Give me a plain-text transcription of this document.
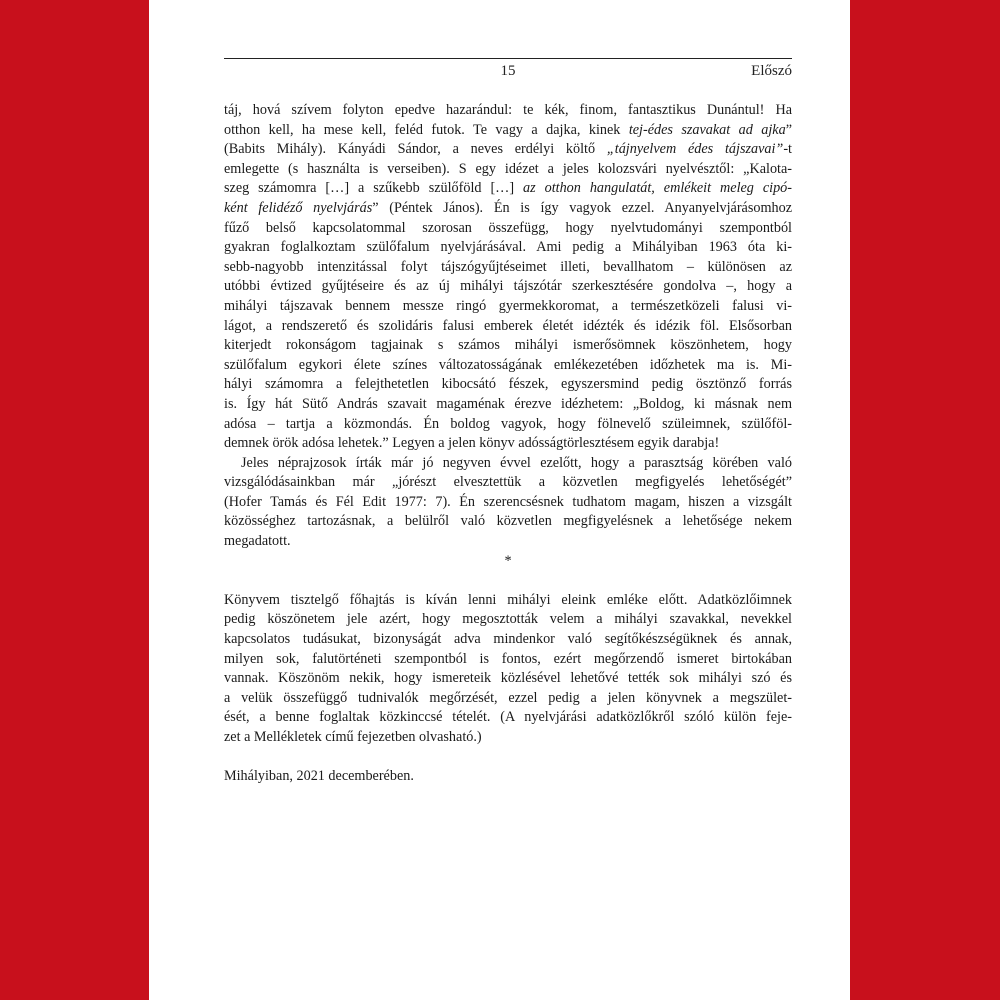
15	Előszó
táj, hová szívem folyton epedve hazarándul: te kék, finom, fantasztikus Dunántul! Ha
otthon kell, ha mese kell, feléd futok. Te vagy a dajka, kinek tej-édes szavakat ad ajka”
(Babits Mihály). Kányádi Sándor, a neves erdélyi költő „tájnyelvem édes tájszavai”-t
emlegette (s használta is verseiben). S egy idézet a jeles kolozsvári nyelvésztől: „Kalota-
szeg számomra […] a szűkebb szülőföld […] az otthon hangulatát, emlékeit meleg cipó-
ként felidéző nyelvjárás” (Péntek János). Én is így vagyok ezzel. Anyanyelvjárásomhoz
fűző belső kapcsolatommal szorosan összefügg, hogy nyelvtudományi szempontból
gyakran foglalkoztam szülőfalum nyelvjárásával. Ami pedig a Mihályiban 1963 óta ki-
sebb-nagyobb intenzitással folyt tájszógyűjtéseimet illeti, bevallhatom – különösen az
utóbbi évtized gyűjtéseire és az új mihályi tájszótár szerkesztésére gondolva –, hogy a
mihályi tájszavak bennem messze ringó gyermekkoromat, a természetközeli falusi vi-
lágot, a rendszerető és szolidáris falusi emberek életét idézték és idézik föl. Elsősorban
kiterjedt rokonságom tagjainak s számos mihályi ismerősömnek köszönhetem, hogy
szülőfalum egykori élete színes változatosságának emlékezetében időzhetek ma is. Mi-
hályi számomra a felejthetetlen kibocsátó fészek, egyszersmind pedig ösztönző forrás
is. Így hát Sütő András szavait magaménak érezve idézhetem: „Boldog, ki másnak nem
adósa – tartja a közmondás. Én boldog vagyok, hogy fölnevelő szüleimnek, szülőföl-
demnek örök adósa lehetek.” Legyen a jelen könyv adósságtörlesztésem egyik darabja!
Jeles néprajzosok írták már jó negyven évvel ezelőtt, hogy a parasztság körében való
vizsgálódásainkban már „jórészt elvesztettük a közvetlen megfigyelés lehetőségét”
(Hofer Tamás és Fél Edit 1977: 7). Én szerencsésnek tudhatom magam, hiszen a vizsgált
közösséghez tartozásnak, a belülről való közvetlen megfigyelésnek a lehetősége nekem
megadatott.
*
Könyvem tisztelgő főhajtás is kíván lenni mihályi eleink emléke előtt. Adatközlőimnek
pedig köszönetem jele azért, hogy megosztották velem a mihályi szavakkal, nevekkel
kapcsolatos tudásukat, bizonyságát adva mindenkor való segítőkészségüknek és annak,
milyen sok, falutörténeti szempontból is fontos, ezért megőrzendő ismeret birtokában
vannak. Köszönöm nekik, hogy ismereteik közlésével lehetővé tették sok mihályi szó és
a velük összefüggő tudnivalók megőrzését, ezzel pedig a jelen könyvnek a megszület-
ését, a benne foglaltak közkinccsé tételét. (A nyelvjárási adatközlőkről szóló külön feje-
zet a Mellékletek című fejezetben olvasható.)
Mihályiban, 2021 decemberében.
